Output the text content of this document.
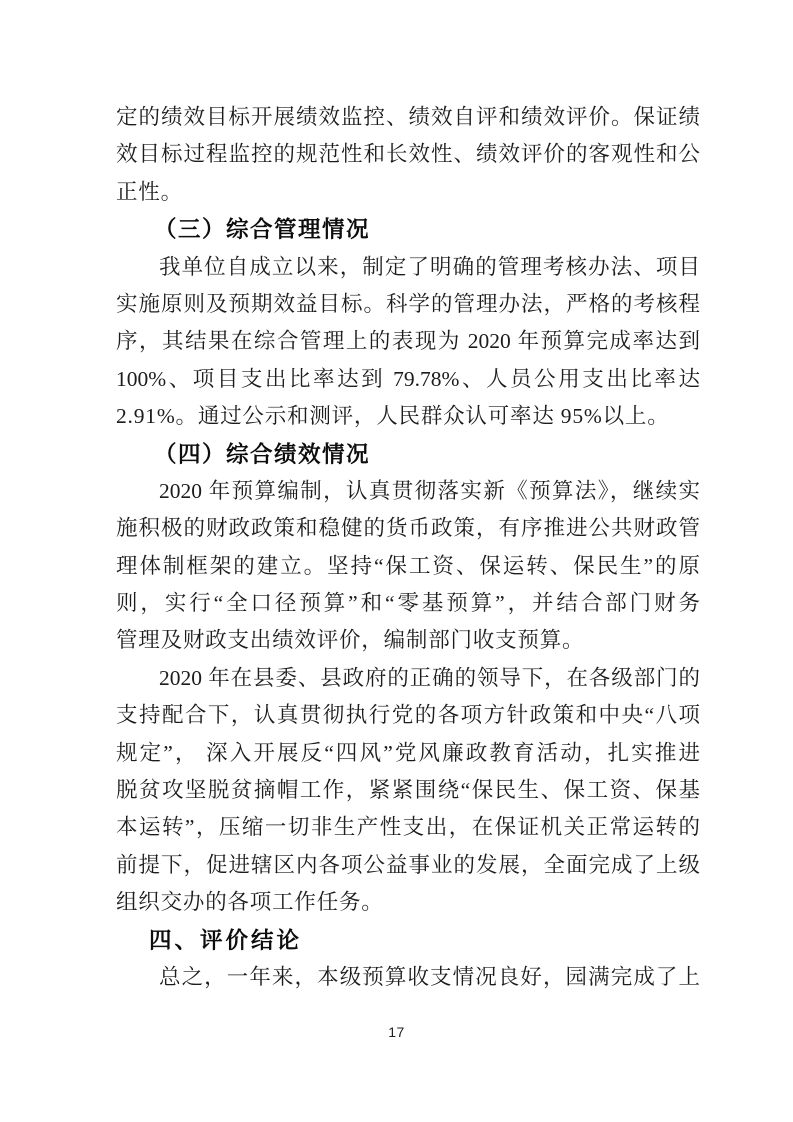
定的绩效目标开展绩效监控、绩效自评和绩效评价。保证绩
效目标过程监控的规范性和长效性、绩效评价的客观性和公
正性。
（三）综合管理情况
我单位自成立以来，制定了明确的管理考核办法、项目
实施原则及预期效益目标。科学的管理办法，严格的考核程
序，其结果在综合管理上的表现为 2020 年预算完成率达到
100%、项目支出比率达到 79.78%、人员公用支出比率达
2.91%。通过公示和测评，人民群众认可率达 95%以上。
（四）综合绩效情况
2020 年预算编制，认真贯彻落实新《预算法》，继续实
施积极的财政政策和稳健的货币政策，有序推进公共财政管
理体制框架的建立。坚持“保工资、保运转、保民生”的原
则，实行“全口径预算”和“零基预算”，并结合部门财务
管理及财政支出绩效评价，编制部门收支预算。
2020 年在县委、县政府的正确的领导下，在各级部门的
支持配合下，认真贯彻执行党的各项方针政策和中央“八项
规定”， 深入开展反“四风”党风廉政教育活动，扎实推进
脱贫攻坚脱贫摘帽工作，紧紧围绕“保民生、保工资、保基
本运转”，压缩一切非生产性支出，在保证机关正常运转的
前提下，促进辖区内各项公益事业的发展，全面完成了上级
组织交办的各项工作任务。
四、评价结论
总之，一年来，本级预算收支情况良好，园满完成了上
17
